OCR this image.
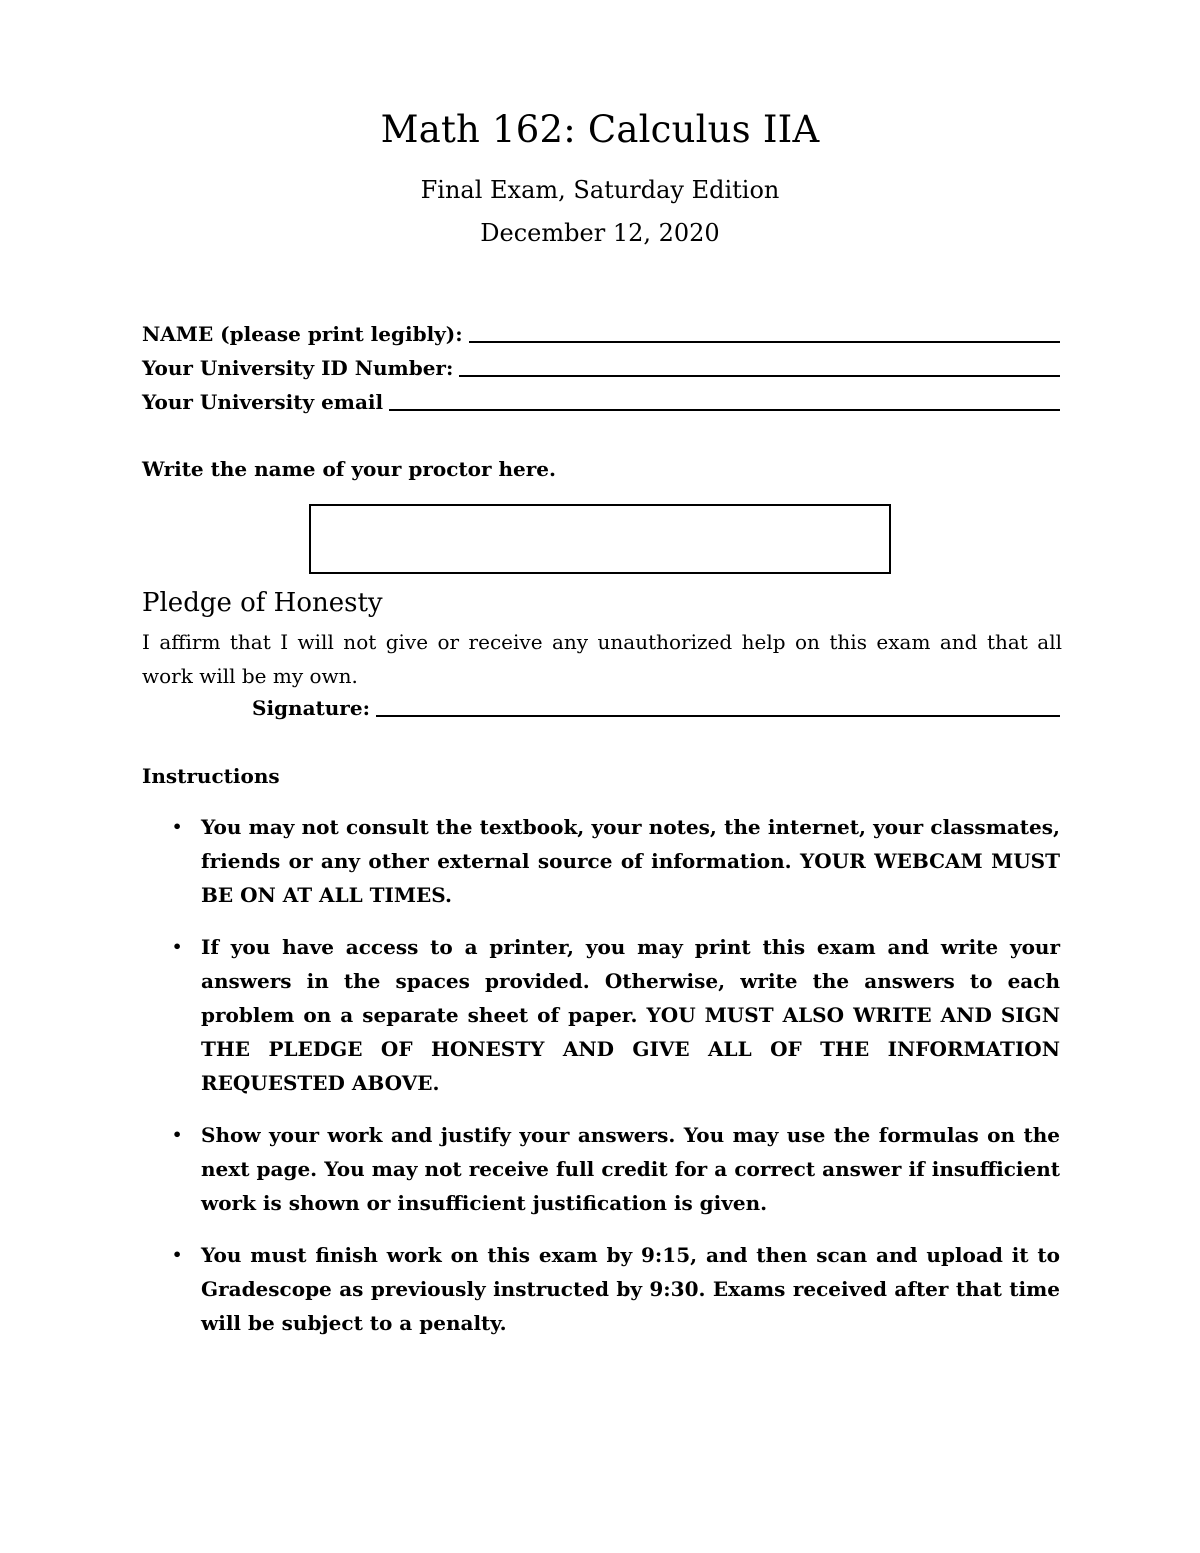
Math 162: Calculus IIA
Final Exam, Saturday Edition
December 12, 2020
NAME (please print legibly):
Your University ID Number:
Your University email
Write the name of your proctor here.
Pledge of Honesty
I affirm that I will not give or receive any unauthorized help on this exam and that all work will be my own.
Signature:
Instructions
• You may not consult the textbook, your notes, the internet, your classmates, friends or any other external source of information. YOUR WEBCAM MUST BE ON AT ALL TIMES.
• If you have access to a printer, you may print this exam and write your answers in the spaces provided. Otherwise, write the answers to each problem on a separate sheet of paper. YOU MUST ALSO WRITE AND SIGN THE PLEDGE OF HONESTY AND GIVE ALL OF THE INFORMATION REQUESTED ABOVE.
• Show your work and justify your answers. You may use the formulas on the next page. You may not receive full credit for a correct answer if insufficient work is shown or insufficient justification is given.
• You must finish work on this exam by 9:15, and then scan and upload it to Gradescope as previously instructed by 9:30. Exams received after that time will be subject to a penalty.
